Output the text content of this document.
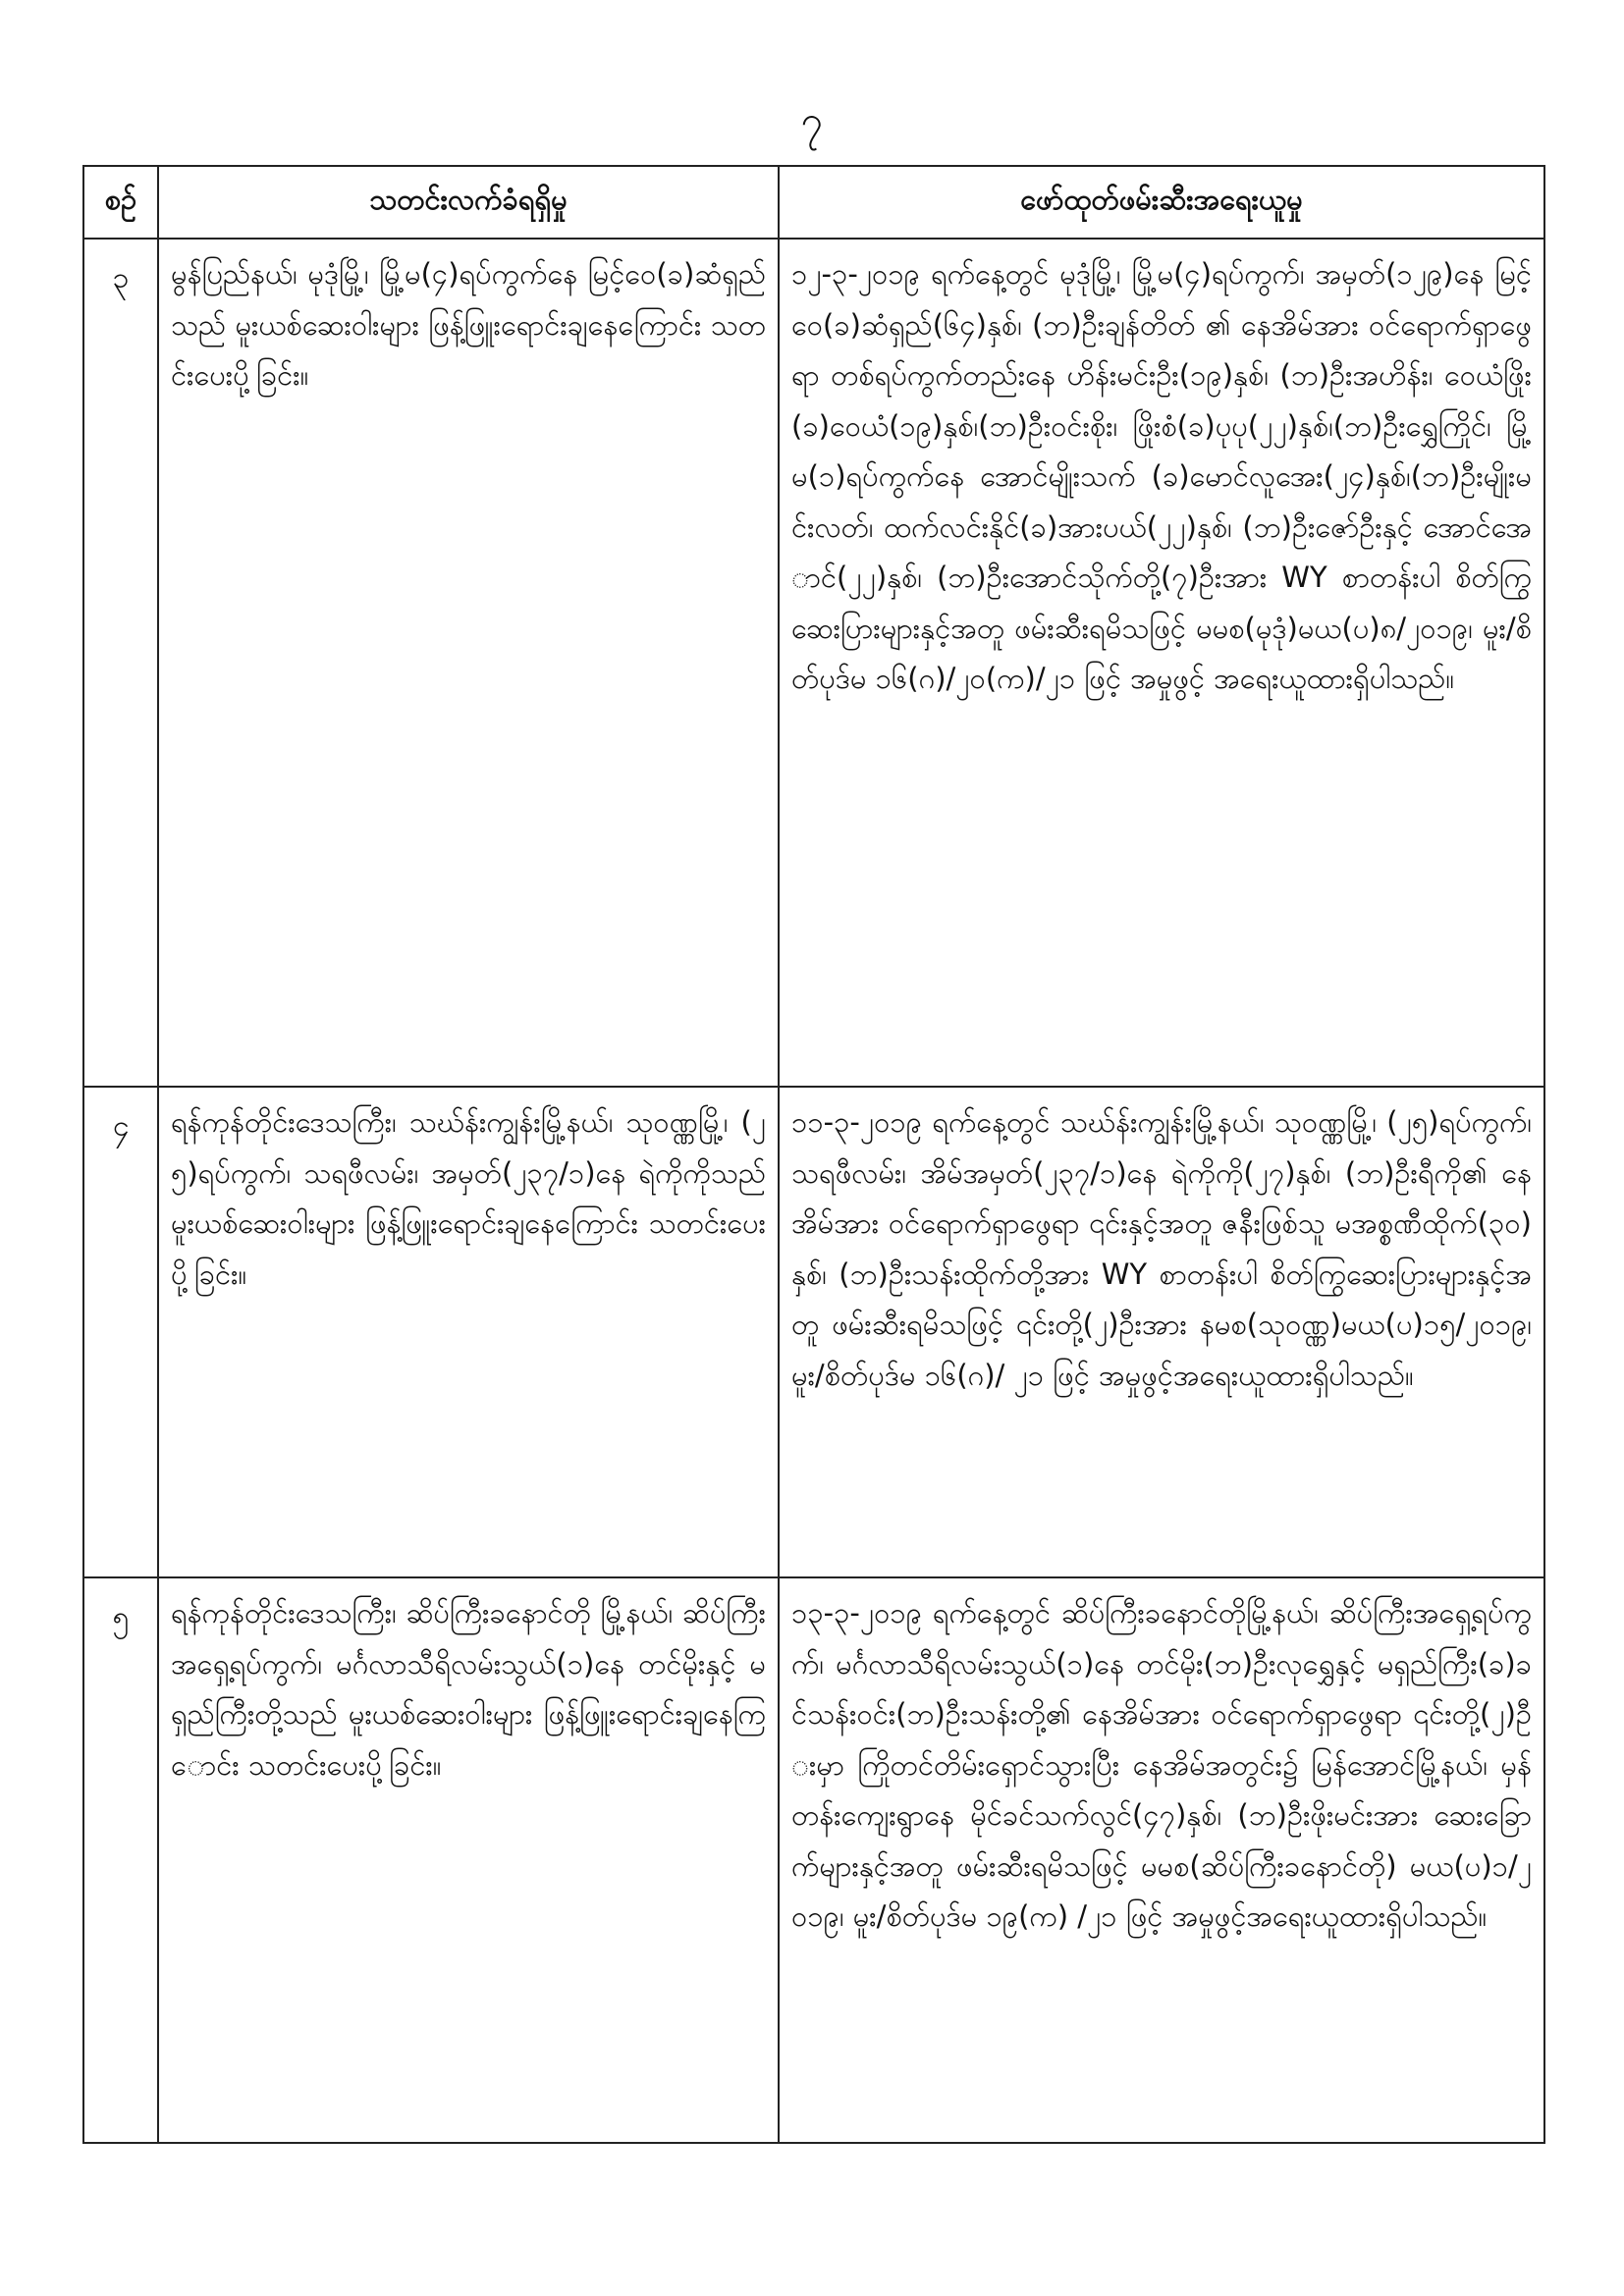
၇
စဉ်	သတင်းလက်ခံရရှိမှု	ဖော်ထုတ်ဖမ်းဆီးအရေးယူမှု
၃	မွန်ပြည်နယ်၊ မုဒုံမြို့၊ မြို့မ(၄)ရပ်ကွက်နေ မြင့်ဝေ(ခ)ဆံရှည်သည် မူးယစ်ဆေးဝါးများ ဖြန့်ဖြူးရောင်းချနေကြောင်း သတင်းပေးပို့ခြင်း။	၁၂-၃-၂၀၁၉ ရက်နေ့တွင် မုဒုံမြို့၊ မြို့မ(၄)ရပ်ကွက်၊ အမှတ်(၁၂၉)နေ မြင့်ဝေ(ခ)ဆံရှည်(၆၄)နှစ်၊ (ဘ)ဦးချန်တိတ် ၏ နေအိမ်အား ဝင်ရောက်ရှာဖွေရာ တစ်ရပ်ကွက်တည်းနေ ဟိန်းမင်းဦး(၁၉)နှစ်၊ (ဘ)ဦးအဟိန်း၊ ဝေယံဖြိုး(ခ)ဝေယံ(၁၉)နှစ်၊(ဘ)ဦးဝင်းစိုး၊ ဖြိုးစံ(ခ)ပုပု(၂၂)နှစ်၊(ဘ)ဦးရွှေကြိုင်၊ မြို့မ(၁)ရပ်ကွက်နေ အောင်မျိုးသက် (ခ)မောင်လူအေး(၂၄)နှစ်၊(ဘ)ဦးမျိုးမင်းလတ်၊ ထက်လင်းနိုင်(ခ)အားပယ်(၂၂)နှစ်၊ (ဘ)ဦးဇော်ဦးနှင့် အောင်အောင်(၂၂)နှစ်၊ (ဘ)ဦးအောင်သိုက်တို့(၇)ဦးအား WY စာတန်းပါ စိတ်ကြွဆေးပြားများနှင့်အတူ ဖမ်းဆီးရမိသဖြင့် မမစ(မုဒုံ)မယ(ပ)၈/၂၀၁၉၊ မူး/စိတ်ပုဒ်မ ၁၆(ဂ)/၂၀(က)/၂၁ ဖြင့် အမှုဖွင့် အရေးယူထားရှိပါသည်။
၄	ရန်ကုန်တိုင်းဒေသကြီး၊ သဃ်န်းကျွန်းမြို့နယ်၊ သုဝဏ္ဏမြို့၊ (၂၅)ရပ်ကွက်၊ သရဖီလမ်း၊ အမှတ်(၂၃၇/၁)နေ ရဲကိုကိုသည် မူးယစ်ဆေးဝါးများ ဖြန့်ဖြူးရောင်းချနေကြောင်း သတင်းပေးပို့ခြင်း။	၁၁-၃-၂၀၁၉ ရက်နေ့တွင် သဃ်န်းကျွန်းမြို့နယ်၊ သုဝဏ္ဏမြို့၊ (၂၅)ရပ်ကွက်၊ သရဖီလမ်း၊ အိမ်အမှတ်(၂၃၇/၁)နေ ရဲကိုကို(၂၇)နှစ်၊ (ဘ)ဦးရီကို၏ နေအိမ်အား ဝင်ရောက်ရှာဖွေရာ ၎င်းနှင့်အတူ ဇနီးဖြစ်သူ မအစ္စဏီထိုက်(၃၀)နှစ်၊ (ဘ)ဦးသန်းထိုက်တို့အား WY စာတန်းပါ စိတ်ကြွဆေးပြားများနှင့်အတူ ဖမ်းဆီးရမိသဖြင့် ၎င်းတို့(၂)ဦးအား နမစ(သုဝဏ္ဏ)မယ(ပ)၁၅/၂၀၁၉၊ မူး/စိတ်ပုဒ်မ ၁၆(ဂ)/ ၂၁ ဖြင့် အမှုဖွင့်အရေးယူထားရှိပါသည်။
၅	ရန်ကုန်တိုင်းဒေသကြီး၊ ဆိပ်ကြီးခနောင်တို မြို့နယ်၊ ဆိပ်ကြီးအရှေ့ရပ်ကွက်၊ မင်္ဂလာသီရိလမ်းသွယ်(၁)နေ တင်မိုးနှင့် မရှည်ကြီးတို့သည် မူးယစ်ဆေးဝါးများ ဖြန့်ဖြူးရောင်းချနေကြောင်း သတင်းပေးပို့ခြင်း။	၁၃-၃-၂၀၁၉ ရက်နေ့တွင် ဆိပ်ကြီးခနောင်တိုမြို့နယ်၊ ဆိပ်ကြီးအရှေ့ရပ်ကွက်၊ မင်္ဂလာသီရိလမ်းသွယ်(၁)နေ တင်မိုး(ဘ)ဦးလုရွှေနှင့် မရှည်ကြီး(ခ)ခင်သန်းဝင်း(ဘ)ဦးသန်းတို့၏ နေအိမ်အား ဝင်ရောက်ရှာဖွေရာ ၎င်းတို့(၂)ဦးမှာ ကြိုတင်တိမ်းရှောင်သွားပြီး နေအိမ်အတွင်း၌ မြန်အောင်မြို့နယ်၊ မှန်တန်းကျေးရွာနေ မိုင်ခင်သက်လွင်(၄၇)နှစ်၊ (ဘ)ဦးဖိုးမင်းအား ဆေးခြောက်များနှင့်အတူ ဖမ်းဆီးရမိသဖြင့် မမစ(ဆိပ်ကြီးခနောင်တို) မယ(ပ)၁/၂၀၁၉၊ မူး/စိတ်ပုဒ်မ ၁၉(က) /၂၁ ဖြင့် အမှုဖွင့်အရေးယူထားရှိပါသည်။
